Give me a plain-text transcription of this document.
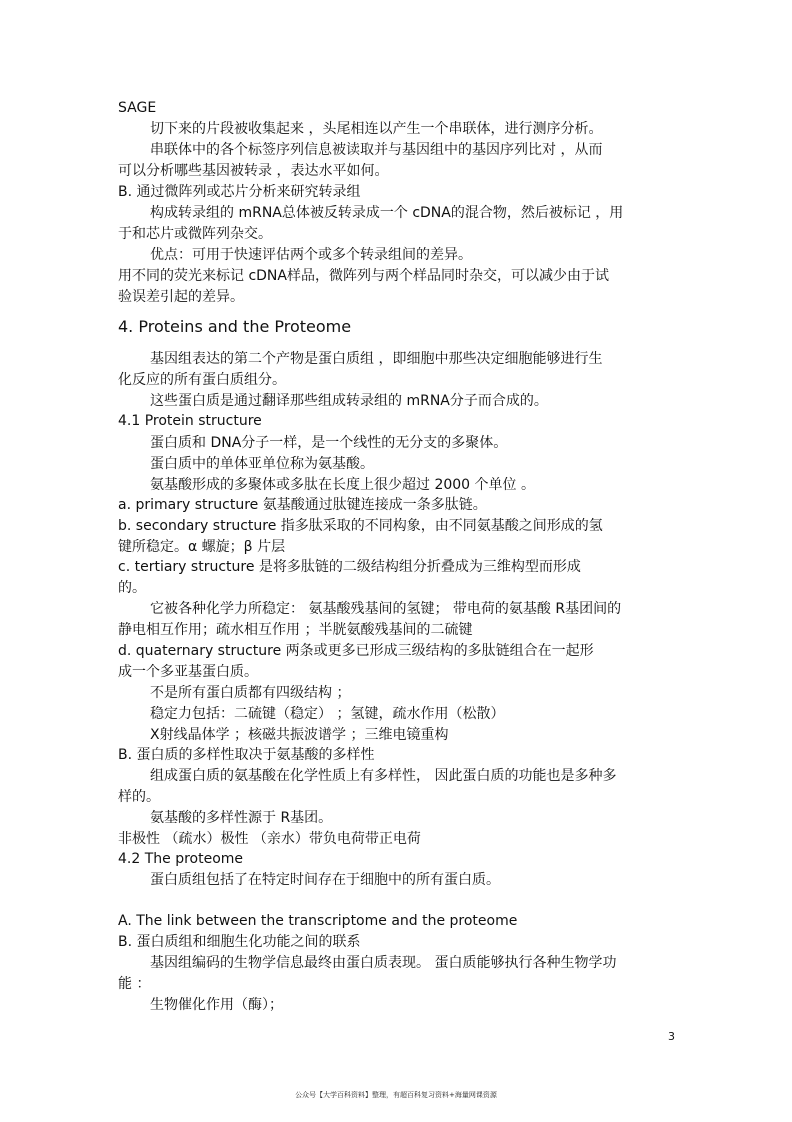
SAGE
切下来的片段被收集起来 ，头尾相连以产生一个串联体，进行测序分析。
串联体中的各个标签序列信息被读取并与基因组中的基因序列比对 ，从而
可以分析哪些基因被转录 ，表达水平如何。
B. 通过微阵列或芯片分析来研究转录组
构成转录组的 mRNA总体被反转录成一个 cDNA的混合物，然后被标记 ，用
于和芯片或微阵列杂交。
优点：可用于快速评估两个或多个转录组间的差异。
用不同的荧光来标记 cDNA样品，微阵列与两个样品同时杂交，可以减少由于试
验误差引起的差异。
4. Proteins and the Proteome
基因组表达的第二个产物是蛋白质组 ，即细胞中那些决定细胞能够进行生
化反应的所有蛋白质组分。
这些蛋白质是通过翻译那些组成转录组的 mRNA分子而合成的。
4.1 Protein structure
蛋白质和 DNA分子一样，是一个线性的无分支的多聚体。
蛋白质中的单体亚单位称为氨基酸。
氨基酸形成的多聚体或多肽在长度上很少超过 2000 个单位 。
a. primary structure 氨基酸通过肽键连接成一条多肽链。
b. secondary structure 指多肽采取的不同构象，由不同氨基酸之间形成的氢
键所稳定。α 螺旋；β 片层
c. tertiary structure 是将多肽链的二级结构组分折叠成为三维构型而形成
的。
它被各种化学力所稳定： 氨基酸残基间的氢键； 带电荷的氨基酸 R基团间的
静电相互作用；疏水相互作用 ；半胱氨酸残基间的二硫键
d. quaternary structure 两条或更多已形成三级结构的多肽链组合在一起形
成一个多亚基蛋白质。
不是所有蛋白质都有四级结构 ；
稳定力包括：二硫键（稳定） ；氢键，疏水作用（松散）
X射线晶体学 ；核磁共振波谱学 ；三维电镜重构
B. 蛋白质的多样性取决于氨基酸的多样性
组成蛋白质的氨基酸在化学性质上有多样性， 因此蛋白质的功能也是多种多
样的。
氨基酸的多样性源于 R基团。
非极性 （疏水）极性 （亲水）带负电荷带正电荷
4.2 The proteome
蛋白质组包括了在特定时间存在于细胞中的所有蛋白质。
A. The link between the transcriptome and the proteome
B. 蛋白质组和细胞生化功能之间的联系
基因组编码的生物学信息最终由蛋白质表现。 蛋白质能够执行各种生物学功
能 ：
生物催化作用（酶）；
3
公众号【大学百科资料】整理，有超百科复习资料+海量网课资源
